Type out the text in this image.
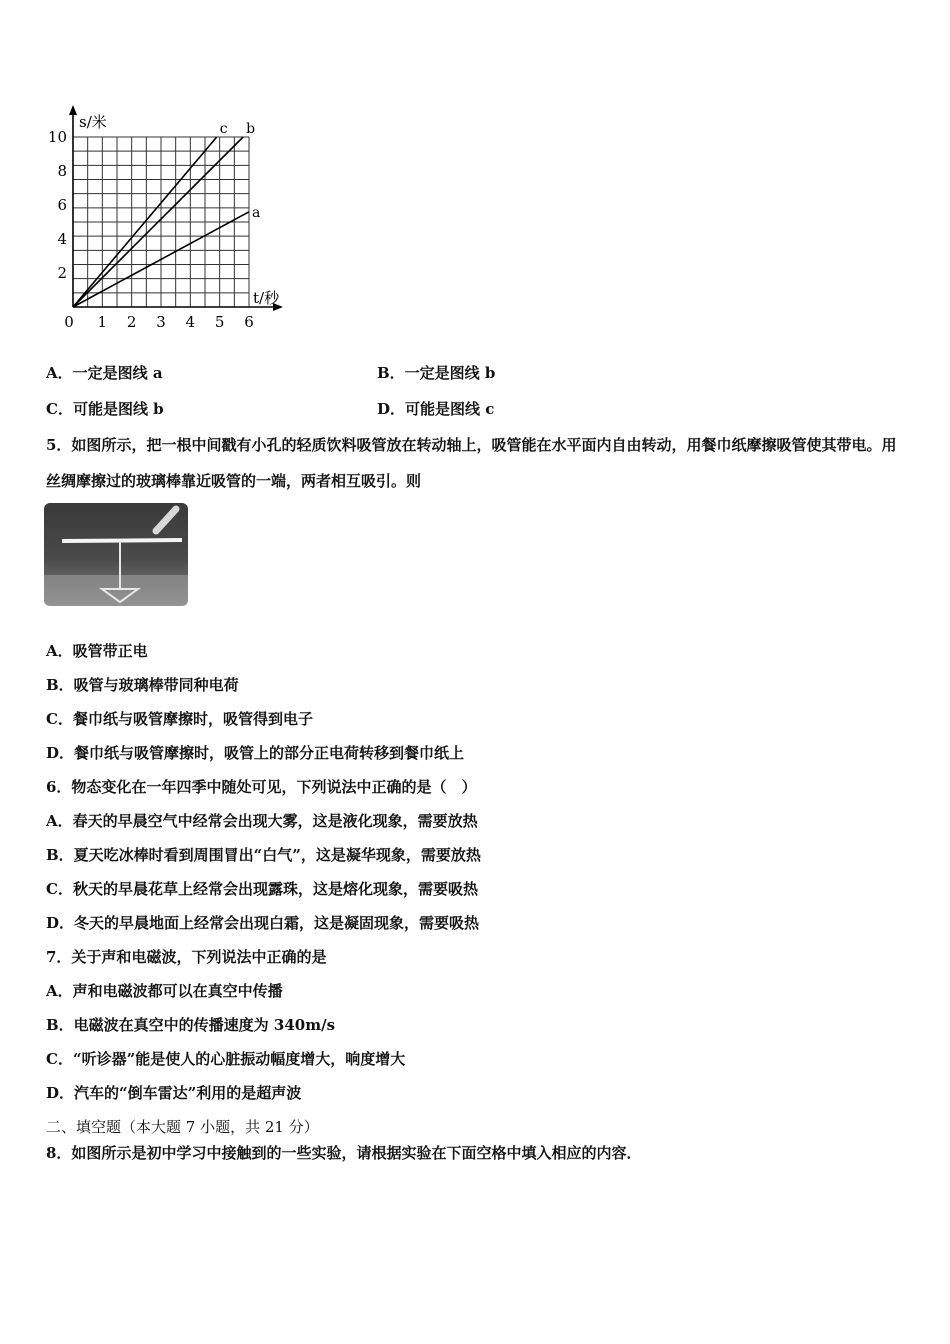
s/米
t/秒
10
8
6
4
2
0 1 2 3 4 5 6
a
b
c
A．一定是图线 a	B．一定是图线 b
C．可能是图线 b	D．可能是图线 c
5．如图所示，把一根中间戳有小孔的轻质饮料吸管放在转动轴上，吸管能在水平面内自由转动，用餐巾纸摩擦吸管使其带电。用丝绸摩擦过的玻璃棒靠近吸管的一端，两者相互吸引。则
A．吸管带正电
B．吸管与玻璃棒带同种电荷
C．餐巾纸与吸管摩擦时，吸管得到电子
D．餐巾纸与吸管摩擦时，吸管上的部分正电荷转移到餐巾纸上
6．物态变化在一年四季中随处可见，下列说法中正确的是（　）
A．春天的早晨空气中经常会出现大雾，这是液化现象，需要放热
B．夏天吃冰棒时看到周围冒出“白气”，这是凝华现象，需要放热
C．秋天的早晨花草上经常会出现露珠，这是熔化现象，需要吸热
D．冬天的早晨地面上经常会出现白霜，这是凝固现象，需要吸热
7．关于声和电磁波，下列说法中正确的是
A．声和电磁波都可以在真空中传播
B．电磁波在真空中的传播速度为 340m/s
C．“听诊器”能是使人的心脏振动幅度增大，响度增大
D．汽车的“倒车雷达”利用的是超声波
二、填空题（本大题 7 小题，共 21 分）
8．如图所示是初中学习中接触到的一些实验，请根据实验在下面空格中填入相应的内容．
